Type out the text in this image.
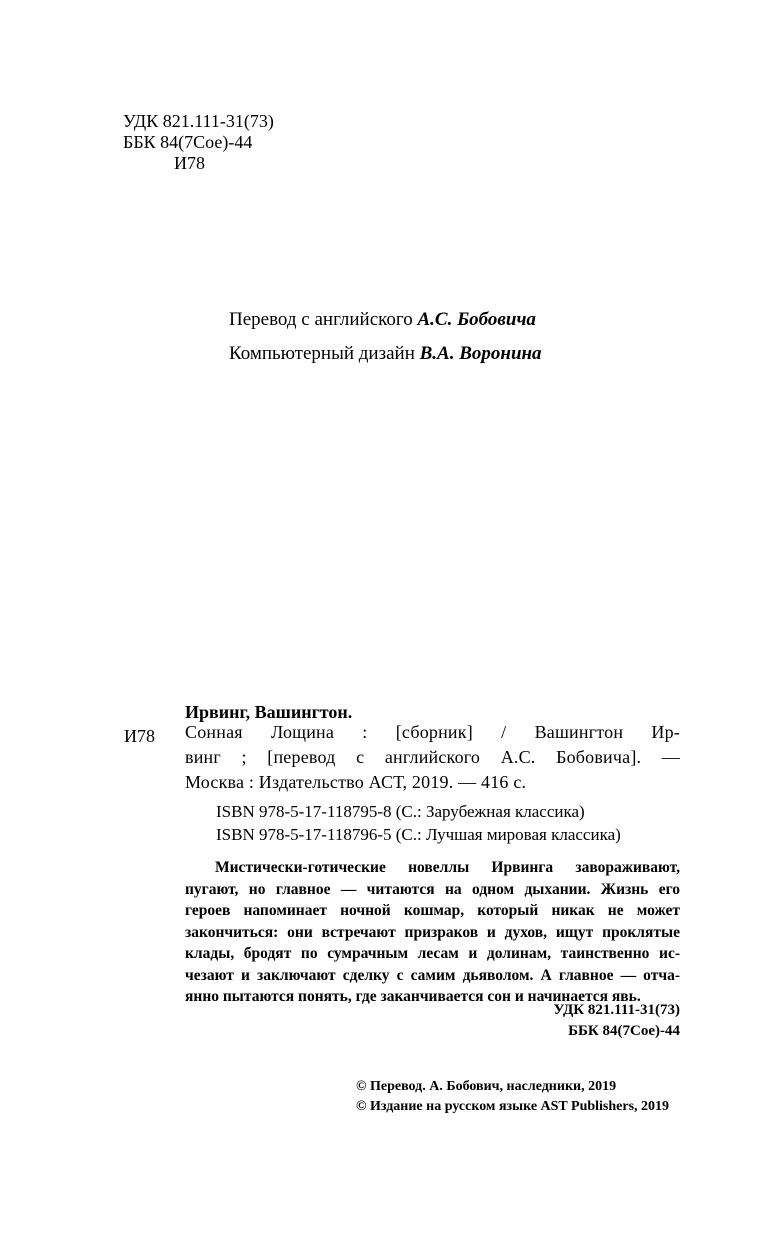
УДК 821.111-31(73)
ББК 84(7Сое)-44
И78
Перевод с английского А.С. Бобовича
Компьютерный дизайн В.А. Воронина
Ирвинг, Вашингтон.
И78 Сонная Лощина : [сборник] / Вашингтон Ир-
винг ; [перевод с английского А.С. Бобовича]. —
Москва : Издательство АСТ, 2019. — 416 с.
ISBN 978-5-17-118795-8 (С.: Зарубежная классика)
ISBN 978-5-17-118796-5 (С.: Лучшая мировая классика)
Мистически-готические новеллы Ирвинга завораживают,
пугают, но главное — читаются на одном дыхании. Жизнь его
героев напоминает ночной кошмар, который никак не может
закончиться: они встречают призраков и духов, ищут проклятые
клады, бродят по сумрачным лесам и долинам, таинственно ис-
чезают и заключают сделку с самим дьяволом. А главное — отча-
янно пытаются понять, где заканчивается сон и начинается явь.
УДК 821.111-31(73)
ББК 84(7Сое)-44
© Перевод. А. Бобович, наследники, 2019
© Издание на русском языке AST Publishers, 2019
